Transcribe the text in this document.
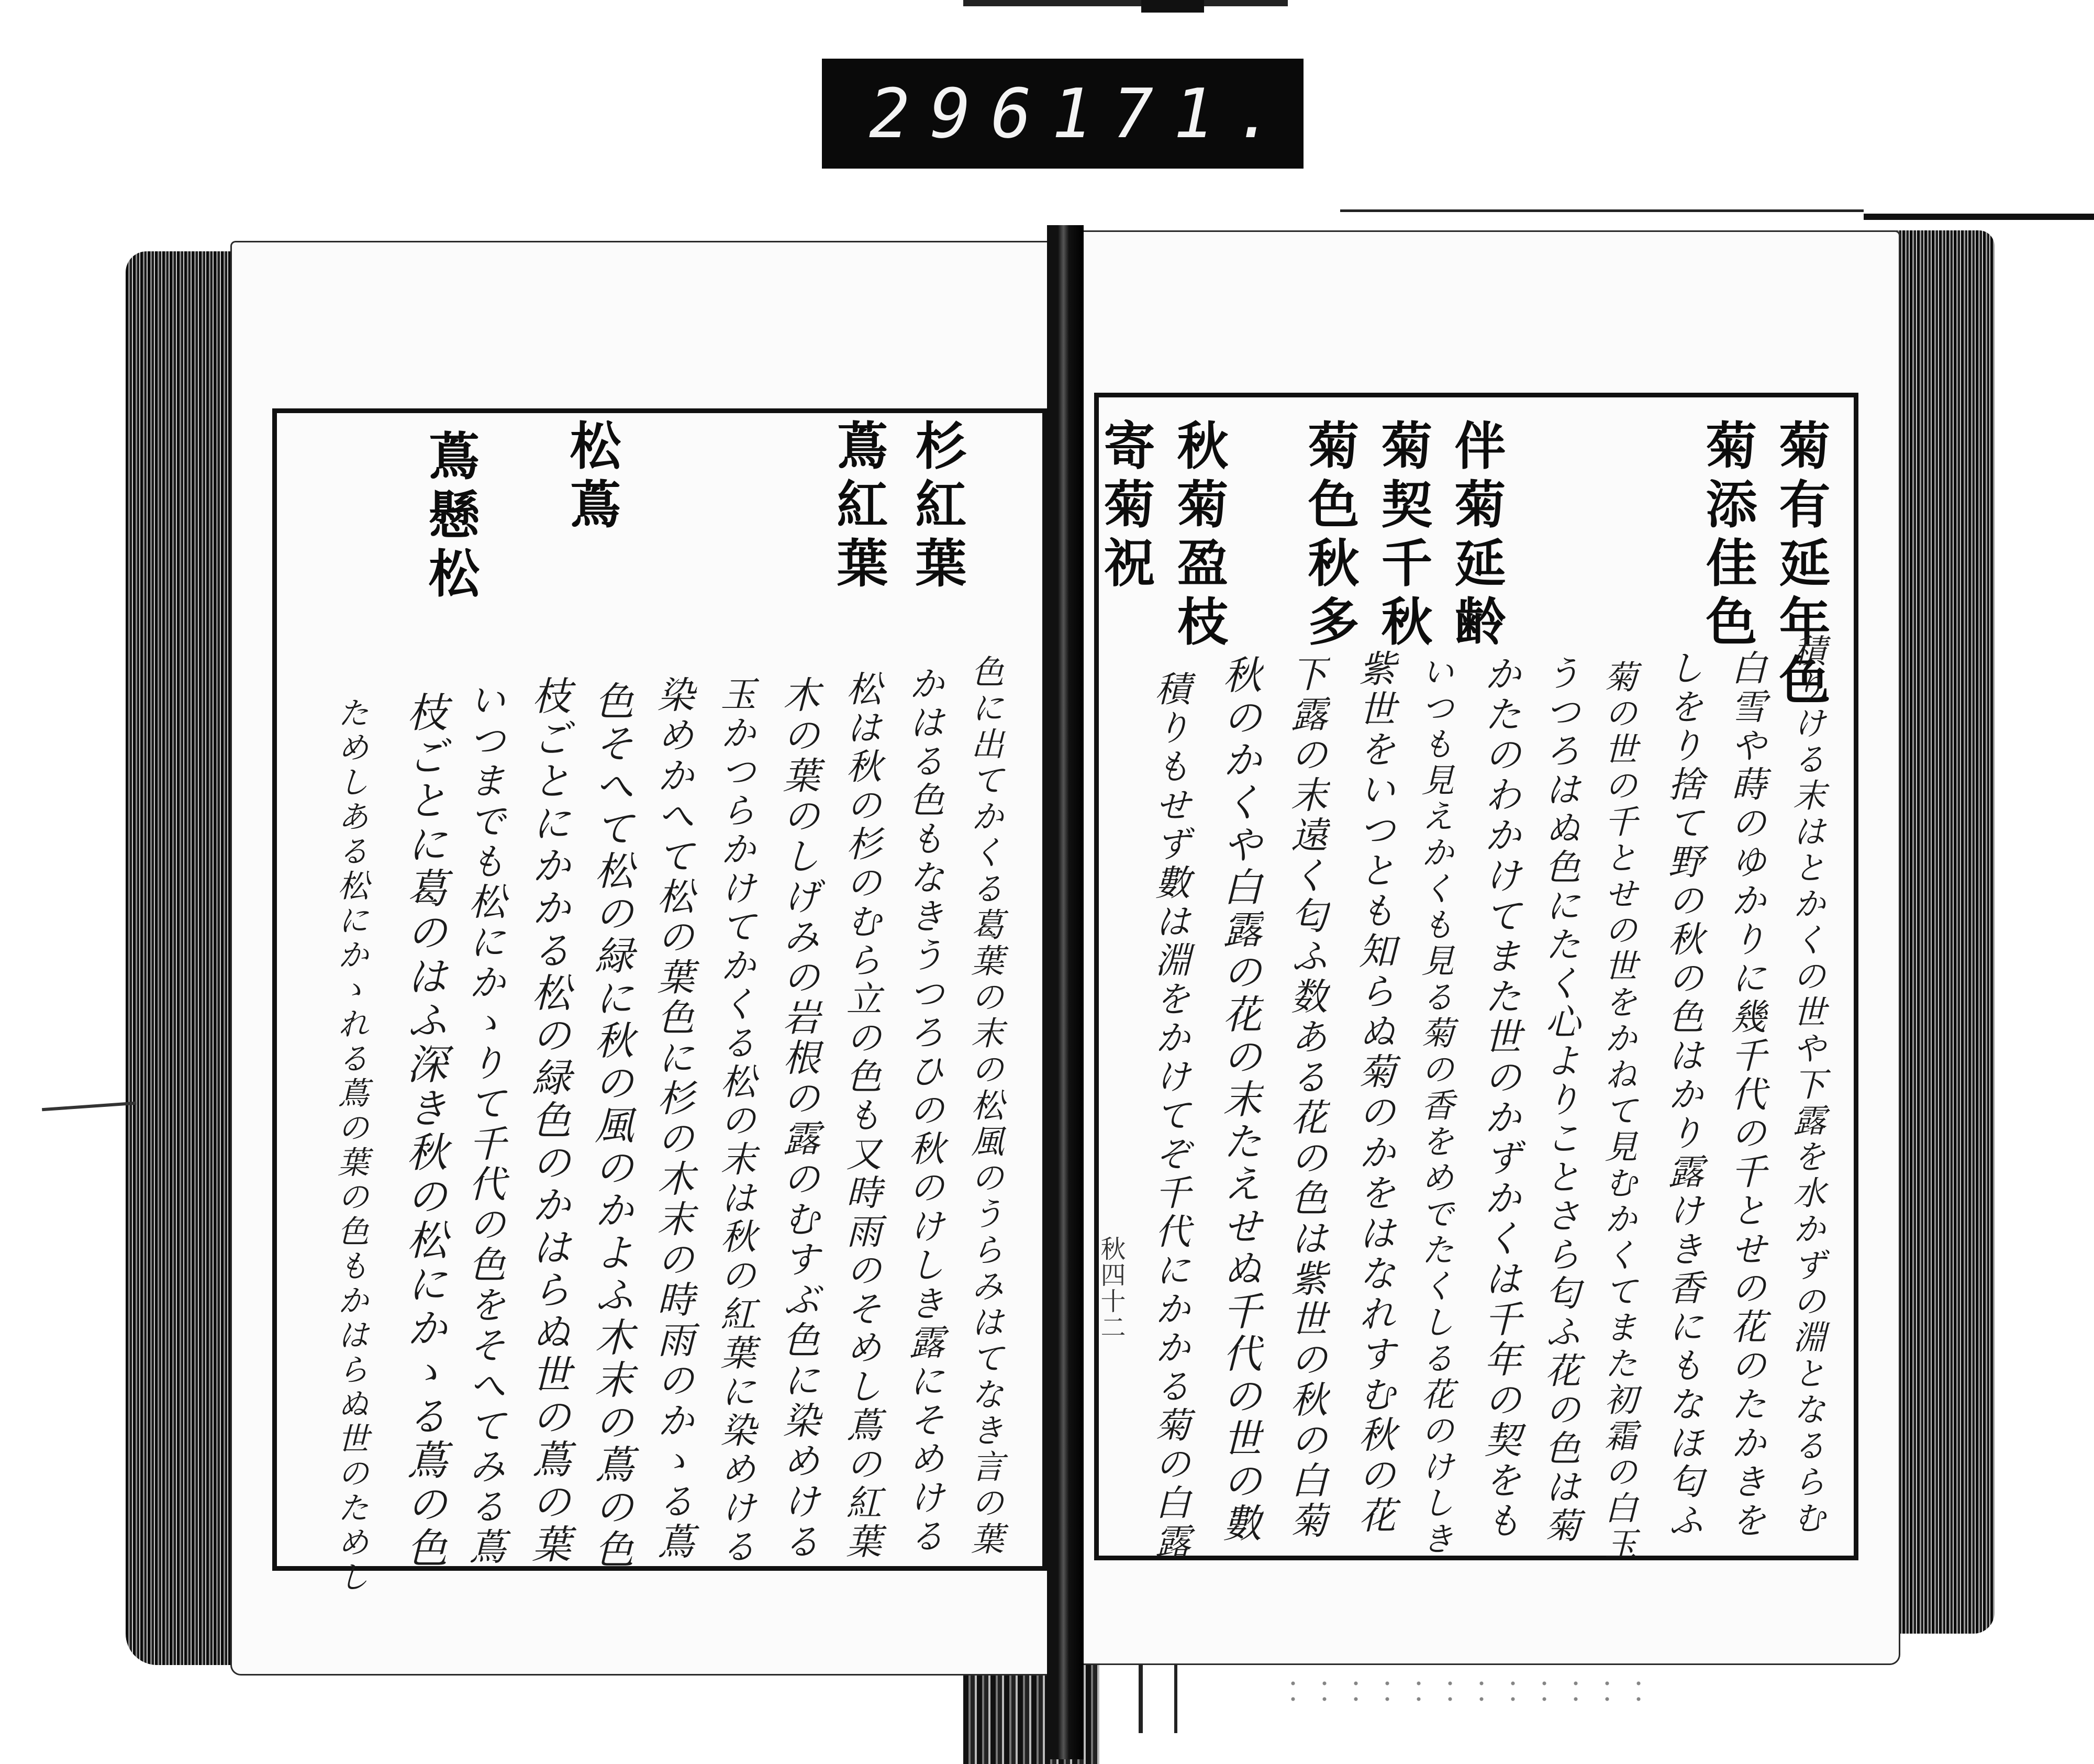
296 171.

菊有延年色

菊添佳色

伴菊延齢

菊契千秋

菊色秋多

秋菊盈枝

寄菊祝

積りける末はとかくの世や下露を水かずの淵となるらむ

白雪や蒔のゆかりに幾千代の千とせの花のたかきを

しをり捨て野の秋の色はかり露けき香にもなほ匂ふ

菊の世の千とせの世をかねて見むかくてまた初霜の白玉

うつろはぬ色にたく心よりことさら匂ふ花の色は菊

かたのわかけてまた世のかずかくは千年の契をも

いつも見えかくも見る菊の香をめでたくしる花のけしき

紫世をいつとも知らぬ菊のかをはなれすむ秋の花

下露の末遠く匂ふ数ある花の色は紫世の秋の白菊

秋のかくや白露の花の末たえせぬ千代の世の數

積りもせず數は淵をかけてぞ千代にかかる菊の白露

秋四十二

杉紅葉

蔦紅葉

松蔦

蔦懸松

色に出てかくる葛葉の末の松風のうらみはてなき言の葉

かはる色もなきうつろひの秋のけしき露にそめける

松は秋の杉のむら立の色も又時雨のそめし蔦の紅葉

木の葉のしげみの岩根の露のむすぶ色に染めける

玉かつらかけてかくる松の末は秋の紅葉に染めける

染めかへて松の葉色に杉の木末の時雨のかゝる蔦

色そへて松の緑に秋の風のかよふ木末の蔦の色

枝ごとにかかる松の緑色のかはらぬ世の蔦の葉

いつまでも松にかゝりて千代の色をそへてみる蔦

枝ごとに葛のはふ深き秋の松にかゝる蔦の色

ためしある松にかゝれる蔦の葉の色もかはらぬ世のためし
